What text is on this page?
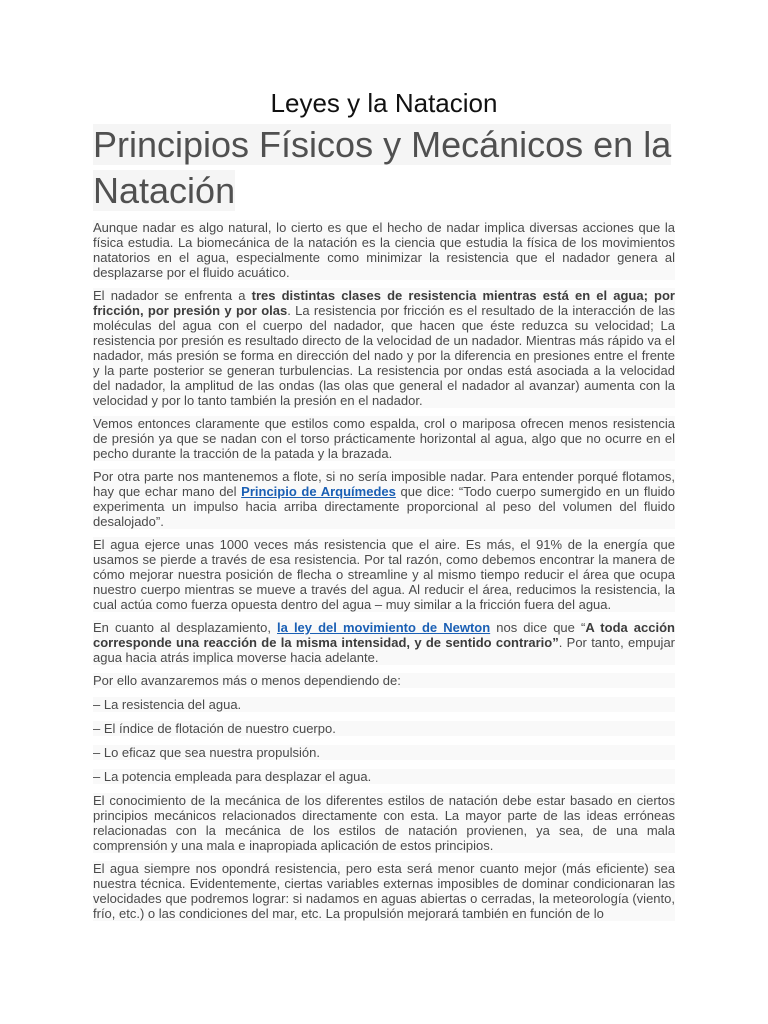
Leyes y la Natacion
Principios Físicos y Mecánicos en la Natación

Aunque nadar es algo natural, lo cierto es que el hecho de nadar implica diversas acciones que la física estudia. La biomecánica de la natación es la ciencia que estudia la física de los movimientos natatorios en el agua, especialmente como minimizar la resistencia que el nadador genera al desplazarse por el fluido acuático.

El nadador se enfrenta a tres distintas clases de resistencia mientras está en el agua; por fricción, por presión y por olas. La resistencia por fricción es el resultado de la interacción de las moléculas del agua con el cuerpo del nadador, que hacen que éste reduzca su velocidad; La resistencia por presión es resultado directo de la velocidad de un nadador. Mientras más rápido va el nadador, más presión se forma en dirección del nado y por la diferencia en presiones entre el frente y la parte posterior se generan turbulencias. La resistencia por ondas está asociada a la velocidad del nadador, la amplitud de las ondas (las olas que general el nadador al avanzar) aumenta con la velocidad y por lo tanto también la presión en el nadador.

Vemos entonces claramente que estilos como espalda, crol o mariposa ofrecen menos resistencia de presión ya que se nadan con el torso prácticamente horizontal al agua, algo que no ocurre en el pecho durante la tracción de la patada y la brazada.

Por otra parte nos mantenemos a flote, si no sería imposible nadar. Para entender porqué flotamos, hay que echar mano del Principio de Arquímedes que dice: “Todo cuerpo sumergido en un fluido experimenta un impulso hacia arriba directamente proporcional al peso del volumen del fluido desalojado”.

El agua ejerce unas 1000 veces más resistencia que el aire. Es más, el 91% de la energía que usamos se pierde a través de esa resistencia. Por tal razón, como debemos encontrar la manera de cómo mejorar nuestra posición de flecha o streamline y al mismo tiempo reducir el área que ocupa nuestro cuerpo mientras se mueve a través del agua. Al reducir el área, reducimos la resistencia, la cual actúa como fuerza opuesta dentro del agua – muy similar a la fricción fuera del agua.

En cuanto al desplazamiento, la ley del movimiento de Newton nos dice que “A toda acción corresponde una reacción de la misma intensidad, y de sentido contrario”. Por tanto, empujar agua hacia atrás implica moverse hacia adelante.

Por ello avanzaremos más o menos dependiendo de:

– La resistencia del agua.

– El índice de flotación de nuestro cuerpo.

– Lo eficaz que sea nuestra propulsión.

– La potencia empleada para desplazar el agua.

El conocimiento de la mecánica de los diferentes estilos de natación debe estar basado en ciertos principios mecánicos relacionados directamente con esta. La mayor parte de las ideas erróneas relacionadas con la mecánica de los estilos de natación provienen, ya sea, de una mala comprensión y una mala e inapropiada aplicación de estos principios.

El agua siempre nos opondrá resistencia, pero esta será menor cuanto mejor (más eficiente) sea nuestra técnica. Evidentemente, ciertas variables externas imposibles de dominar condicionaran las velocidades que podremos lograr: si nadamos en aguas abiertas o cerradas, la meteorología (viento, frío, etc.) o las condiciones del mar, etc. La propulsión mejorará también en función de lo
